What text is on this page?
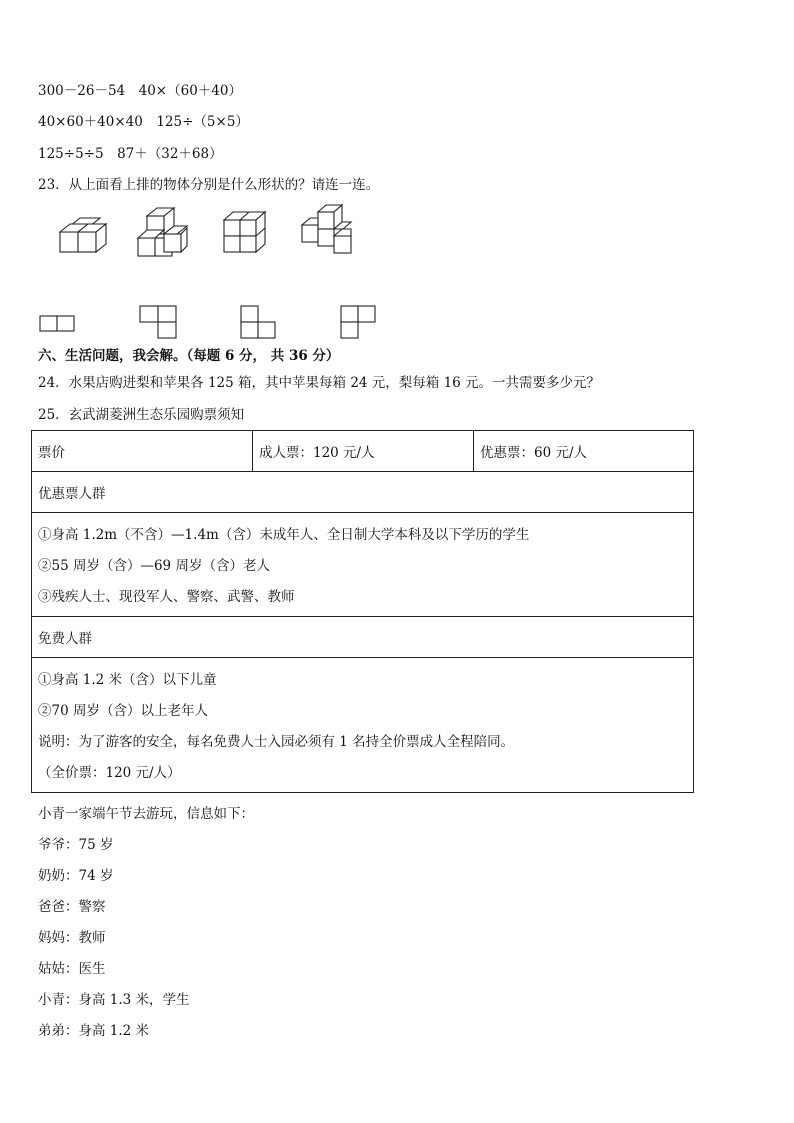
300－26－54　40×（60＋40）
40×60＋40×40　125÷（5×5）
125÷5÷5　87＋（32＋68）
23．从上面看上排的物体分别是什么形状的？请连一连。
六、生活问题，我会解。（每题 6 分， 共 36 分）
24．水果店购进梨和苹果各 125 箱，其中苹果每箱 24 元，梨每箱 16 元。一共需要多少元？
25．玄武湖菱洲生态乐园购票须知
票价	成人票：120 元/人	优惠票：60 元/人
优惠票人群

①身高 1.2m（不含）—1.4m（含）未成年人、全日制大学本科及以下学历的学生
②55 周岁（含）—69 周岁（含）老人
③残疾人士、现役军人、警察、武警、教师

免费人群

①身高 1.2 米（含）以下儿童
②70 周岁（含）以上老年人
说明：为了游客的安全，每名免费人士入园必须有 1 名持全价票成人全程陪同。
（全价票：120 元/人）
小青一家端午节去游玩，信息如下：
爷爷：75 岁
奶奶：74 岁
爸爸：警察
妈妈：教师
姑姑：医生
小青：身高 1.3 米，学生
弟弟：身高 1.2 米
